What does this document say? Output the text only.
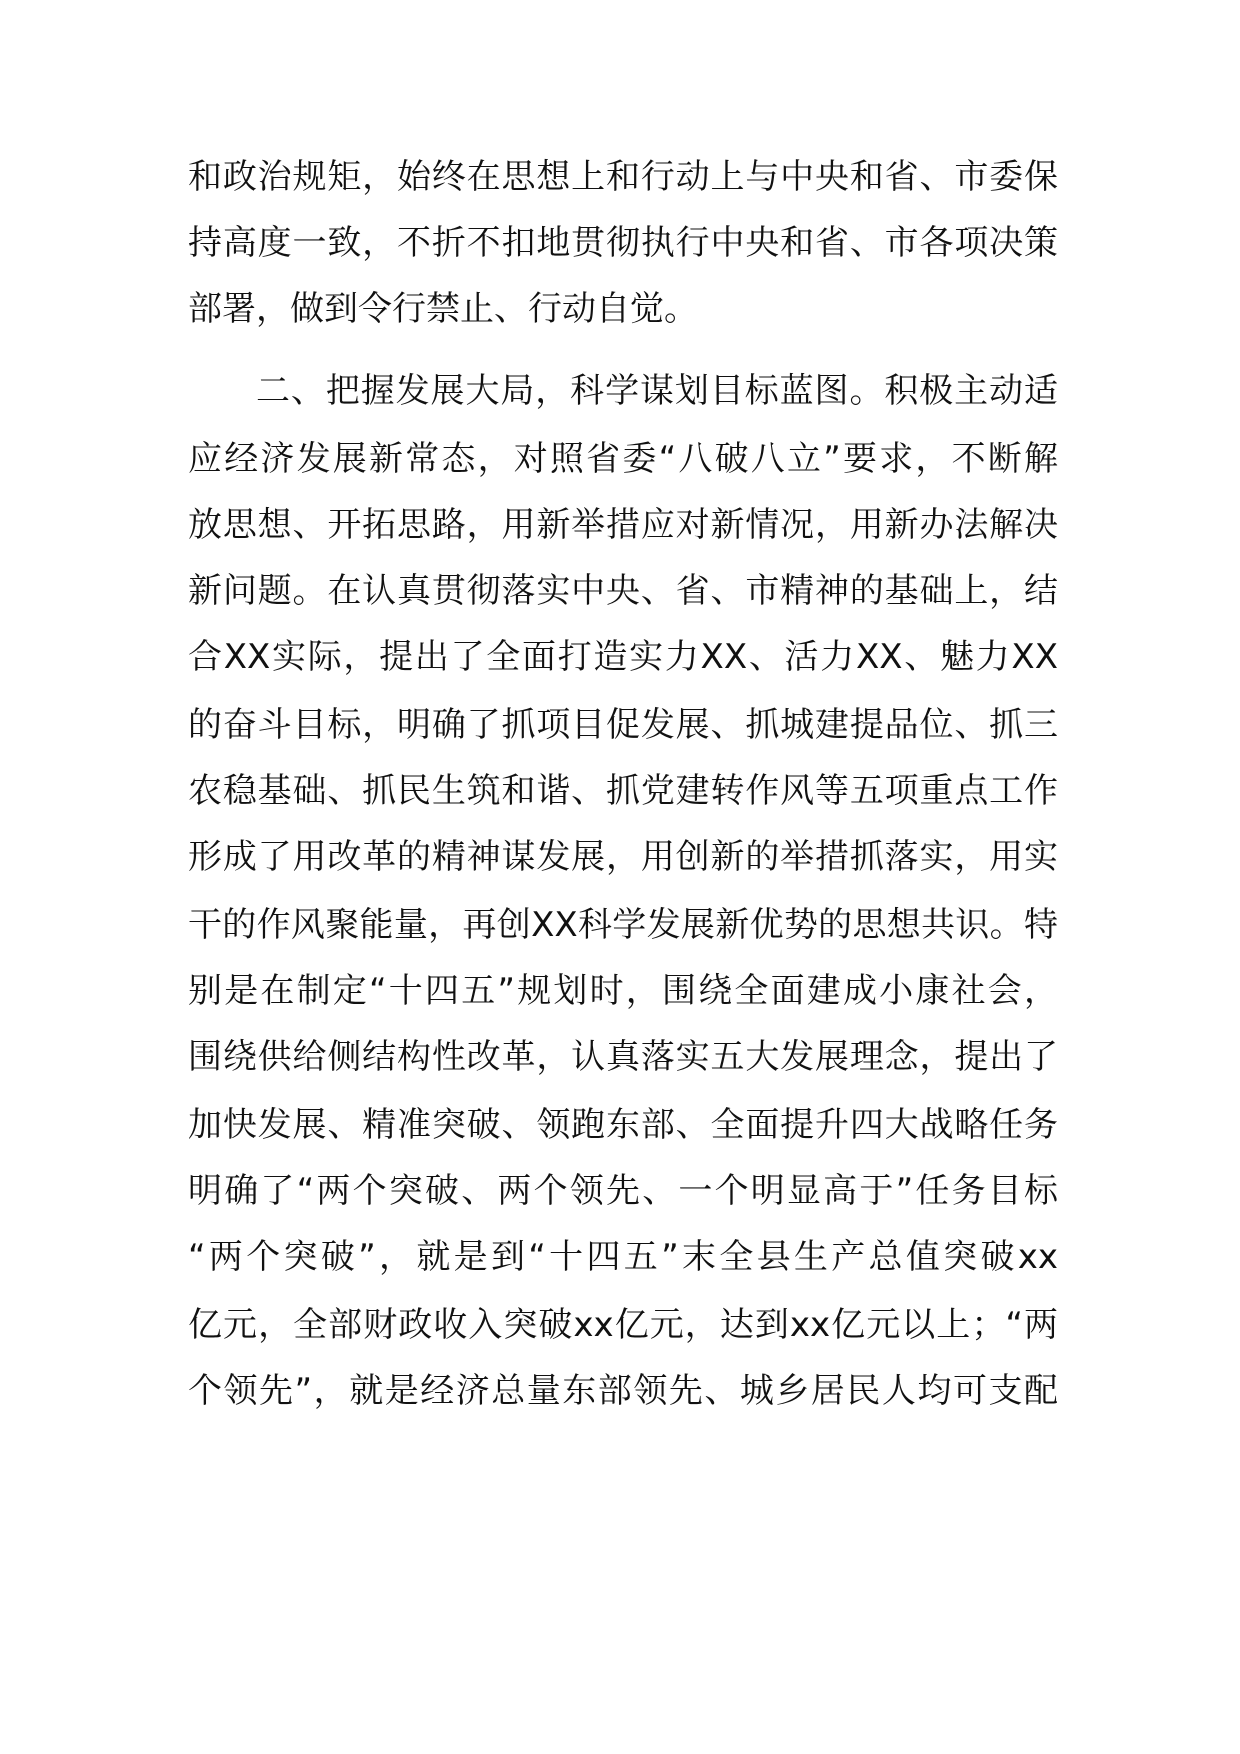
和政治规矩，始终在思想上和行动上与中央和省、市委保
持高度一致，不折不扣地贯彻执行中央和省、市各项决策
部署，做到令行禁止、行动自觉。
二、把握发展大局，科学谋划目标蓝图。积极主动适
应经济发展新常态，对照省委“八破八立”要求，不断解
放思想、开拓思路，用新举措应对新情况，用新办法解决
新问题。在认真贯彻落实中央、省、市精神的基础上，结
合XX实际，提出了全面打造实力XX、活力XX、魅力XX
的奋斗目标，明确了抓项目促发展、抓城建提品位、抓三
农稳基础、抓民生筑和谐、抓党建转作风等五项重点工作
形成了用改革的精神谋发展，用创新的举措抓落实，用实
干的作风聚能量，再创XX科学发展新优势的思想共识。特
别是在制定“十四五”规划时，围绕全面建成小康社会，
围绕供给侧结构性改革，认真落实五大发展理念，提出了
加快发展、精准突破、领跑东部、全面提升四大战略任务
明确了“两个突破、两个领先、一个明显高于”任务目标
“两个突破”，就是到“十四五”末全县生产总值突破xx
亿元，全部财政收入突破xx亿元，达到xx亿元以上；“两
个领先”，就是经济总量东部领先、城乡居民人均可支配
